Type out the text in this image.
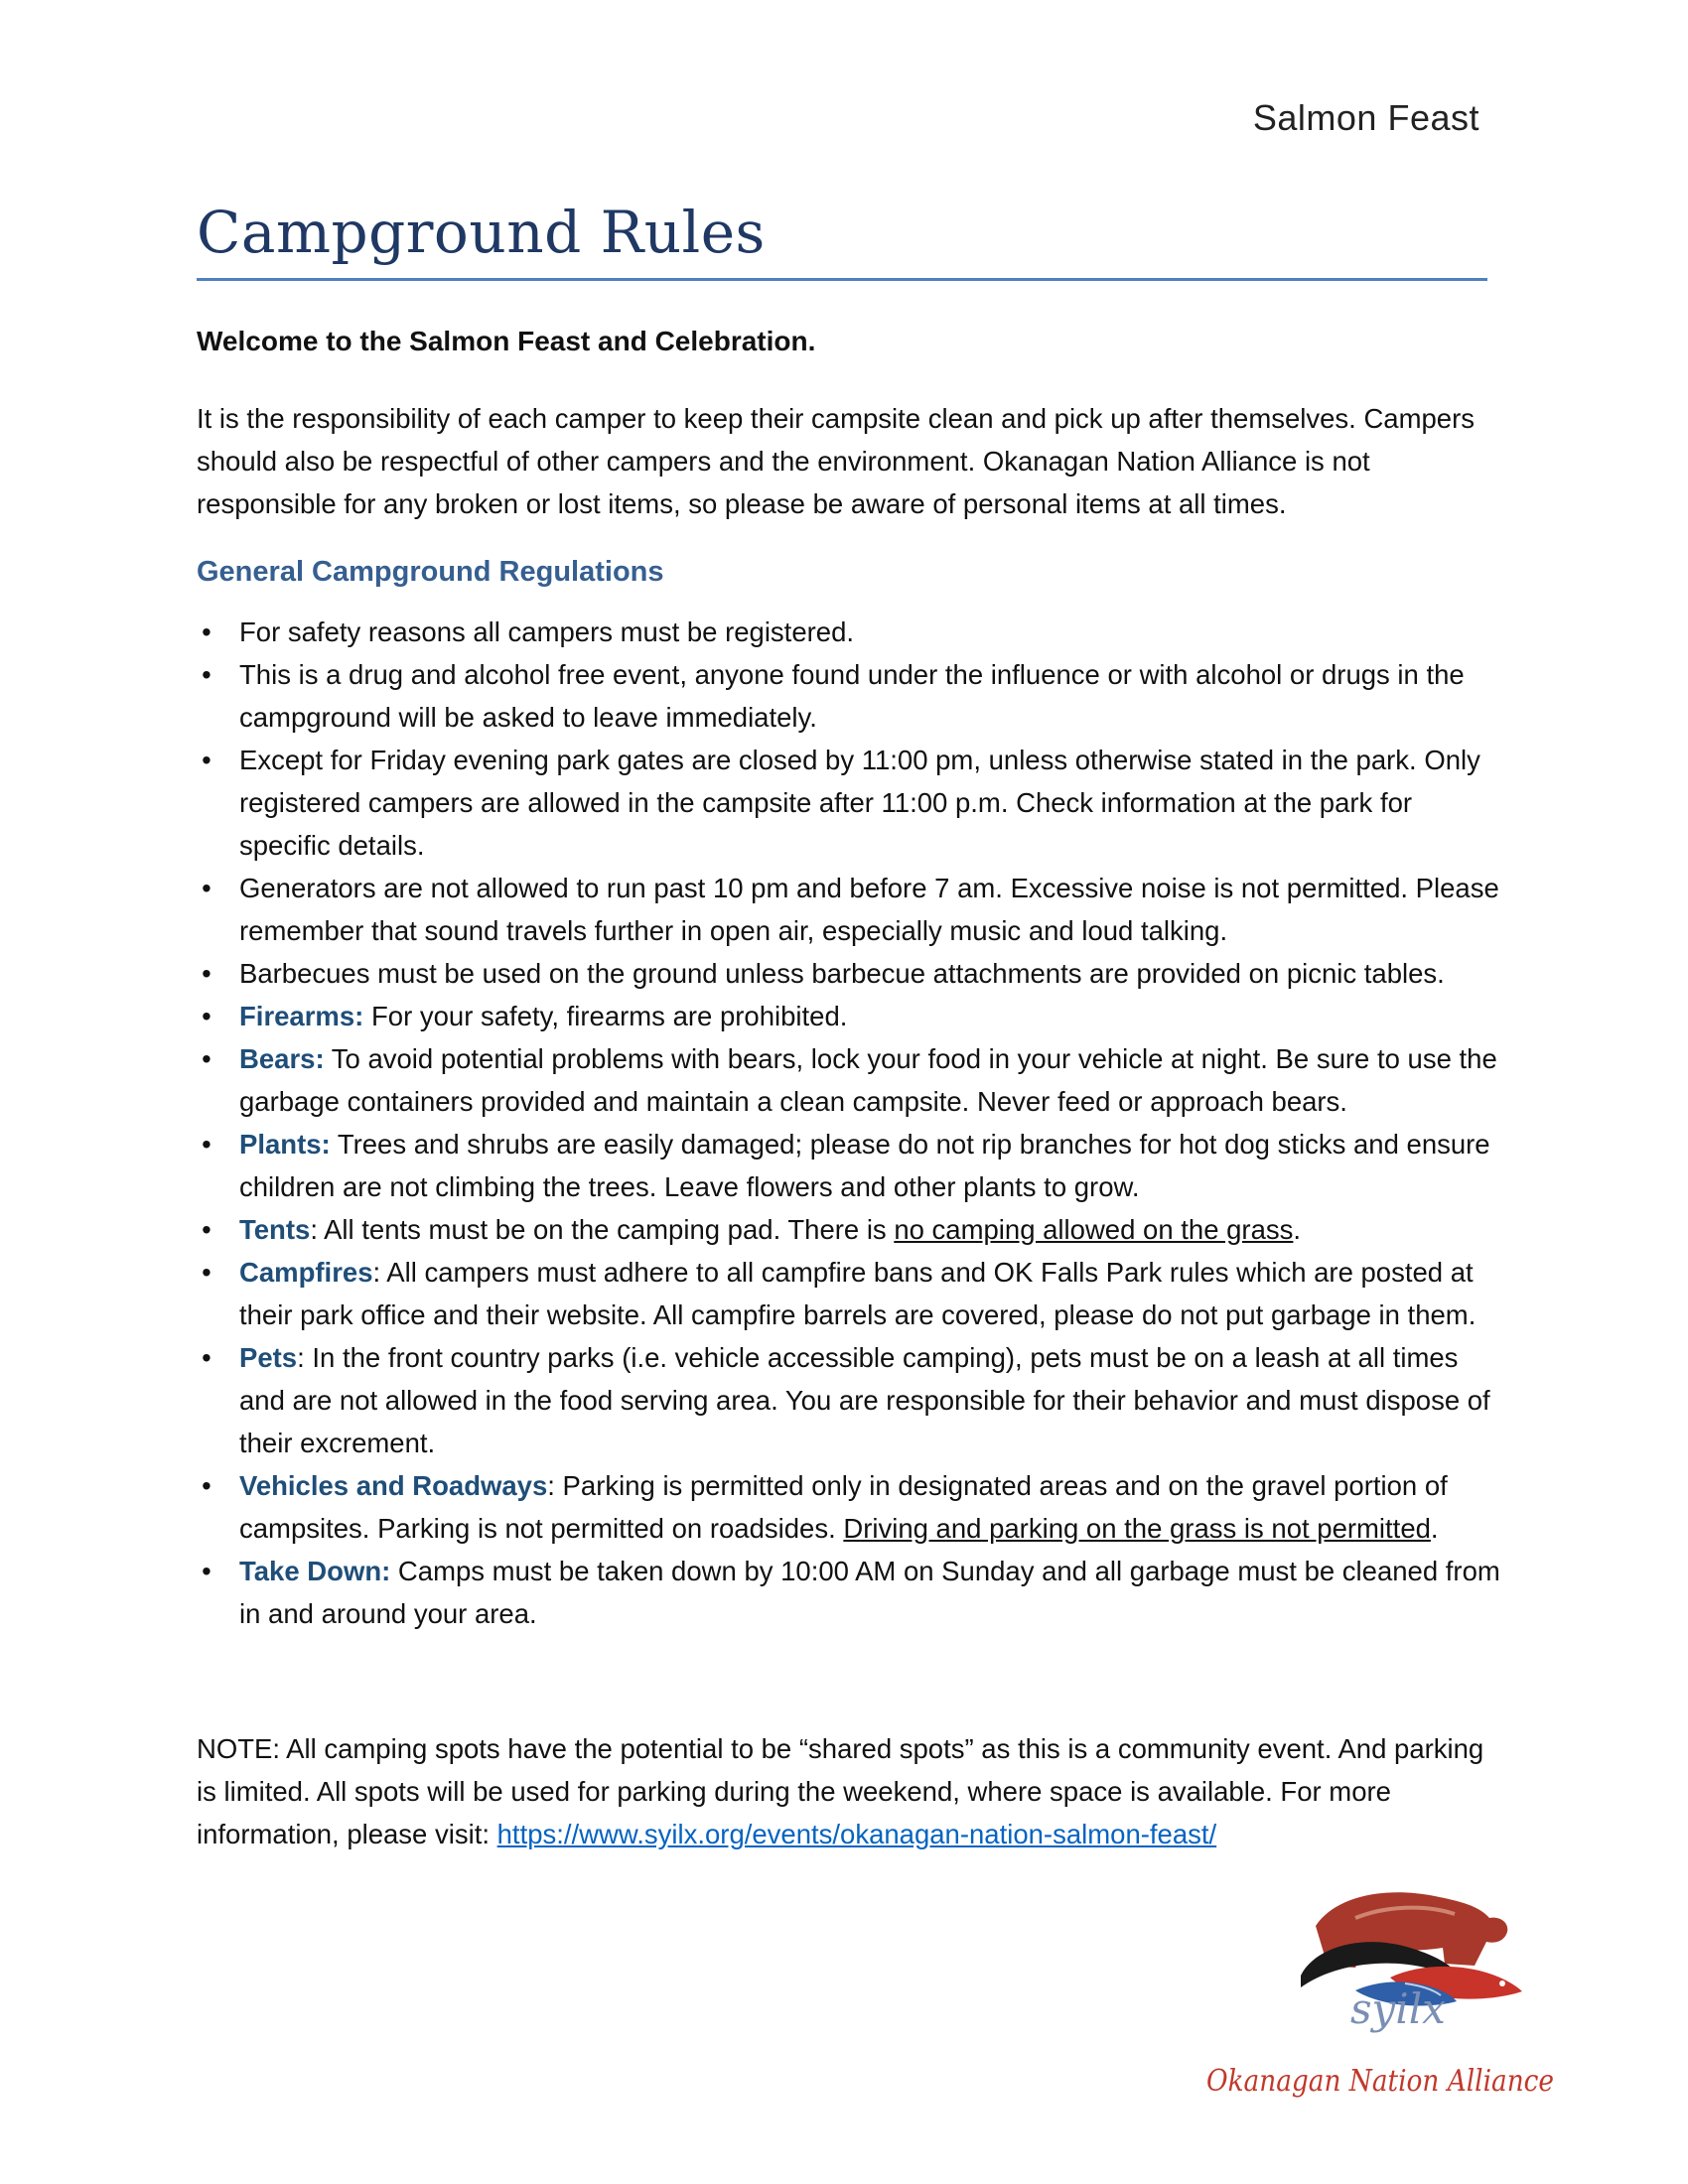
Salmon Feast
Campground Rules
Welcome to the Salmon Feast and Celebration.
It is the responsibility of each camper to keep their campsite clean and pick up after themselves. Campers should also be respectful of other campers and the environment. Okanagan Nation Alliance is not responsible for any broken or lost items, so please be aware of personal items at all times.
General Campground Regulations
• For safety reasons all campers must be registered.
• This is a drug and alcohol free event, anyone found under the influence or with alcohol or drugs in the campground will be asked to leave immediately.
• Except for Friday evening park gates are closed by 11:00 pm, unless otherwise stated in the park. Only registered campers are allowed in the campsite after 11:00 p.m. Check information at the park for specific details.
• Generators are not allowed to run past 10 pm and before 7 am. Excessive noise is not permitted. Please remember that sound travels further in open air, especially music and loud talking.
• Barbecues must be used on the ground unless barbecue attachments are provided on picnic tables.
• Firearms: For your safety, firearms are prohibited.
• Bears: To avoid potential problems with bears, lock your food in your vehicle at night. Be sure to use the garbage containers provided and maintain a clean campsite. Never feed or approach bears.
• Plants: Trees and shrubs are easily damaged; please do not rip branches for hot dog sticks and ensure children are not climbing the trees. Leave flowers and other plants to grow.
• Tents: All tents must be on the camping pad. There is no camping allowed on the grass.
• Campfires: All campers must adhere to all campfire bans and OK Falls Park rules which are posted at their park office and their website. All campfire barrels are covered, please do not put garbage in them.
• Pets: In the front country parks (i.e. vehicle accessible camping), pets must be on a leash at all times and are not allowed in the food serving area. You are responsible for their behavior and must dispose of their excrement.
• Vehicles and Roadways: Parking is permitted only in designated areas and on the gravel portion of campsites. Parking is not permitted on roadsides. Driving and parking on the grass is not permitted.
• Take Down: Camps must be taken down by 10:00 AM on Sunday and all garbage must be cleaned from in and around your area.
NOTE: All camping spots have the potential to be “shared spots” as this is a community event. And parking is limited. All spots will be used for parking during the weekend, where space is available. For more information, please visit: https://www.syilx.org/events/okanagan-nation-salmon-feast/
syilx
Okanagan Nation Alliance
